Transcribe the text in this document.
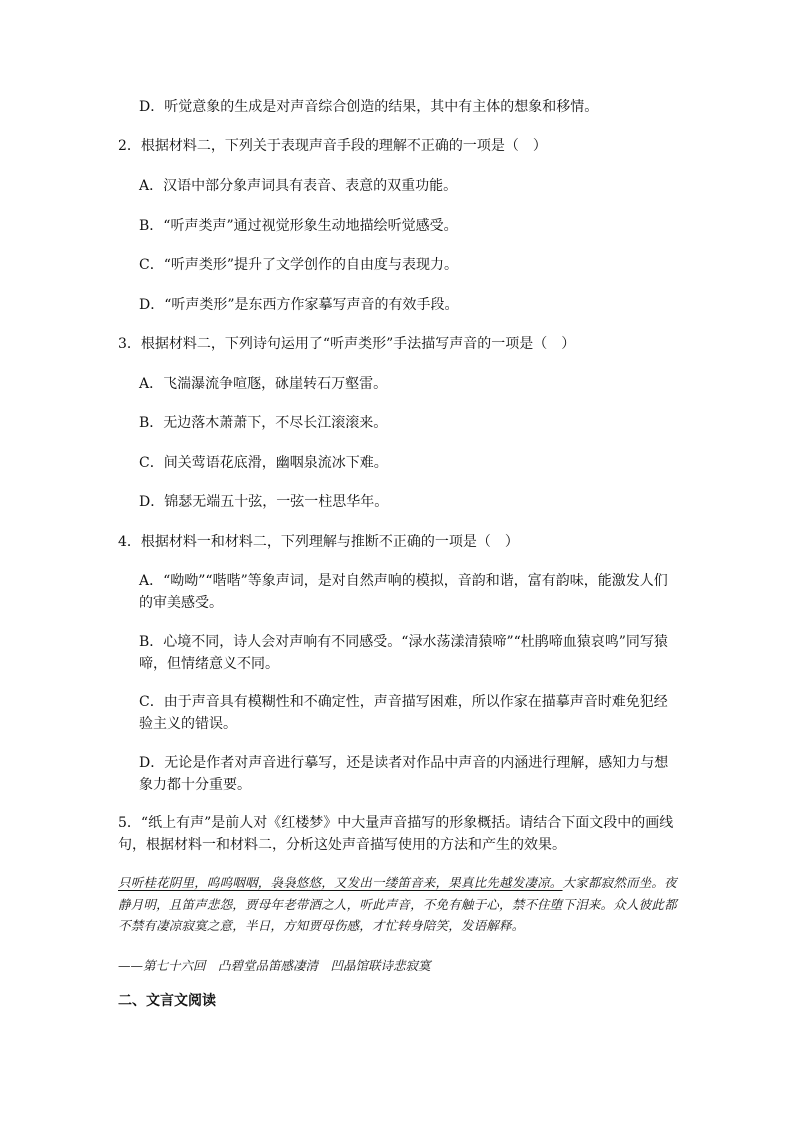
D．听觉意象的生成是对声音综合创造的结果，其中有主体的想象和移情。
2．根据材料二，下列关于表现声音手段的理解不正确的一项是（　）
A．汉语中部分象声词具有表音、表意的双重功能。
B．“听声类声”通过视觉形象生动地描绘听觉感受。
C．“听声类形”提升了文学创作的自由度与表现力。
D．“听声类形”是东西方作家摹写声音的有效手段。
3．根据材料二，下列诗句运用了“听声类形”手法描写声音的一项是（　）
A．飞湍瀑流争喧豗，砯崖转石万壑雷。
B．无边落木萧萧下，不尽长江滚滚来。
C．间关莺语花底滑，幽咽泉流冰下难。
D．锦瑟无端五十弦，一弦一柱思华年。
4．根据材料一和材料二，下列理解与推断不正确的一项是（　）
A．“呦呦”“喈喈”等象声词，是对自然声响的模拟，音韵和谐，富有韵味，能激发人们的审美感受。
B．心境不同，诗人会对声响有不同感受。“渌水荡漾清猿啼”“杜鹃啼血猿哀鸣”同写猿啼，但情绪意义不同。
C．由于声音具有模糊性和不确定性，声音描写困难，所以作家在描摹声音时难免犯经验主义的错误。
D．无论是作者对声音进行摹写，还是读者对作品中声音的内涵进行理解，感知力与想象力都十分重要。
5．“纸上有声”是前人对《红楼梦》中大量声音描写的形象概括。请结合下面文段中的画线句，根据材料一和材料二，分析这处声音描写使用的方法和产生的效果。
只听桂花阴里，呜呜咽咽，袅袅悠悠，又发出一缕笛音来，果真比先越发凄凉。大家都寂然而坐。夜静月明，且笛声悲怨，贾母年老带酒之人，听此声音，不免有触于心，禁不住堕下泪来。众人彼此都不禁有凄凉寂寞之意，半日，方知贾母伤感，才忙转身陪笑，发语解释。
——第七十六回　凸碧堂品笛感凄清　凹晶馆联诗悲寂寞
二、文言文阅读
